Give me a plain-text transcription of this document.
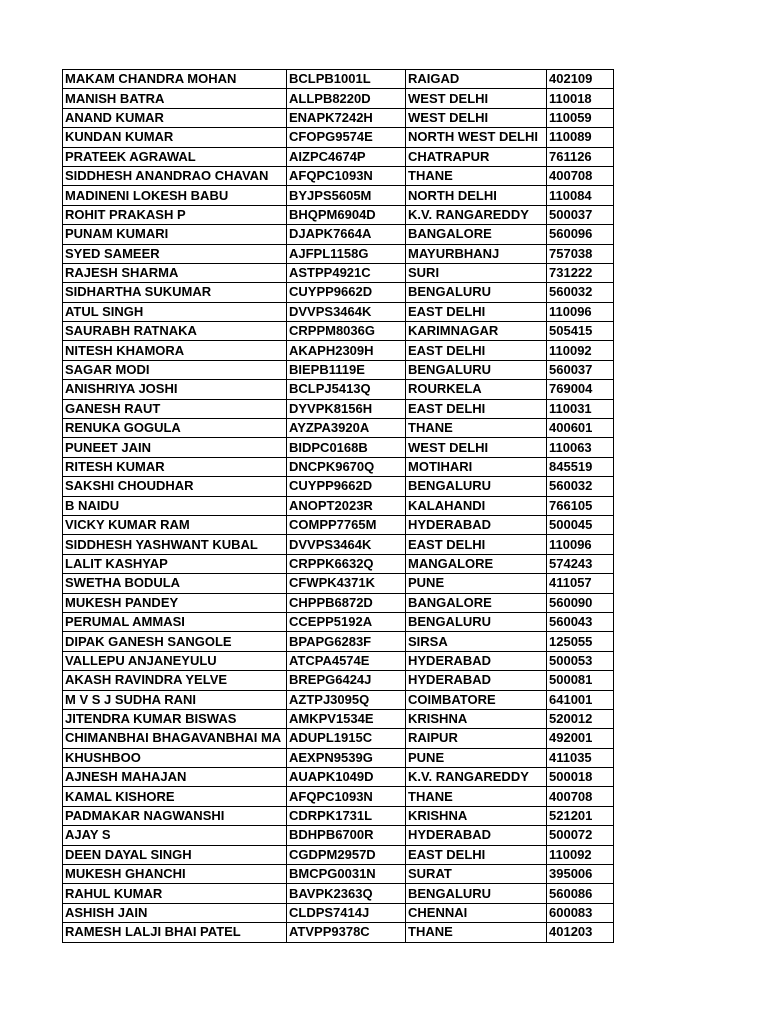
MAKAM CHANDRA MOHAN	BCLPB1001L	RAIGAD	402109
MANISH BATRA	ALLPB8220D	WEST DELHI	110018
ANAND KUMAR	ENAPK7242H	WEST DELHI	110059
KUNDAN KUMAR	CFOPG9574E	NORTH WEST DELHI	110089
PRATEEK AGRAWAL	AIZPC4674P	CHATRAPUR	761126
SIDDHESH ANANDRAO CHAVAN	AFQPC1093N	THANE	400708
MADINENI LOKESH BABU	BYJPS5605M	NORTH DELHI	110084
ROHIT PRAKASH P	BHQPM6904D	K.V. RANGAREDDY	500037
PUNAM KUMARI	DJAPK7664A	BANGALORE	560096
SYED SAMEER	AJFPL1158G	MAYURBHANJ	757038
RAJESH SHARMA	ASTPP4921C	SURI	731222
SIDHARTHA SUKUMAR	CUYPP9662D	BENGALURU	560032
ATUL SINGH	DVVPS3464K	EAST DELHI	110096
SAURABH RATNAKA	CRPPM8036G	KARIMNAGAR	505415
NITESH KHAMORA	AKAPH2309H	EAST DELHI	110092
SAGAR MODI	BIEPB1119E	BENGALURU	560037
ANISHRIYA JOSHI	BCLPJ5413Q	ROURKELA	769004
GANESH RAUT	DYVPK8156H	EAST DELHI	110031
RENUKA GOGULA	AYZPA3920A	THANE	400601
PUNEET JAIN	BIDPC0168B	WEST DELHI	110063
RITESH KUMAR	DNCPK9670Q	MOTIHARI	845519
SAKSHI CHOUDHAR	CUYPP9662D	BENGALURU	560032
B NAIDU	ANOPT2023R	KALAHANDI	766105
VICKY KUMAR RAM	COMPP7765M	HYDERABAD	500045
SIDDHESH YASHWANT KUBAL	DVVPS3464K	EAST DELHI	110096
LALIT KASHYAP	CRPPK6632Q	MANGALORE	574243
SWETHA BODULA	CFWPK4371K	PUNE	411057
MUKESH PANDEY	CHPPB6872D	BANGALORE	560090
PERUMAL AMMASI	CCEPP5192A	BENGALURU	560043
DIPAK GANESH SANGOLE	BPAPG6283F	SIRSA	125055
VALLEPU ANJANEYULU	ATCPA4574E	HYDERABAD	500053
AKASH RAVINDRA YELVE	BREPG6424J	HYDERABAD	500081
M V S J SUDHA RANI	AZTPJ3095Q	COIMBATORE	641001
JITENDRA KUMAR BISWAS	AMKPV1534E	KRISHNA	520012
CHIMANBHAI BHAGAVANBHAI MA	ADUPL1915C	RAIPUR	492001
KHUSHBOO	AEXPN9539G	PUNE	411035
AJNESH MAHAJAN	AUAPK1049D	K.V. RANGAREDDY	500018
KAMAL KISHORE	AFQPC1093N	THANE	400708
PADMAKAR NAGWANSHI	CDRPK1731L	KRISHNA	521201
AJAY S	BDHPB6700R	HYDERABAD	500072
DEEN DAYAL SINGH	CGDPM2957D	EAST DELHI	110092
MUKESH GHANCHI	BMCPG0031N	SURAT	395006
RAHUL KUMAR	BAVPK2363Q	BENGALURU	560086
ASHISH JAIN	CLDPS7414J	CHENNAI	600083
RAMESH LALJI BHAI PATEL	ATVPP9378C	THANE	401203
